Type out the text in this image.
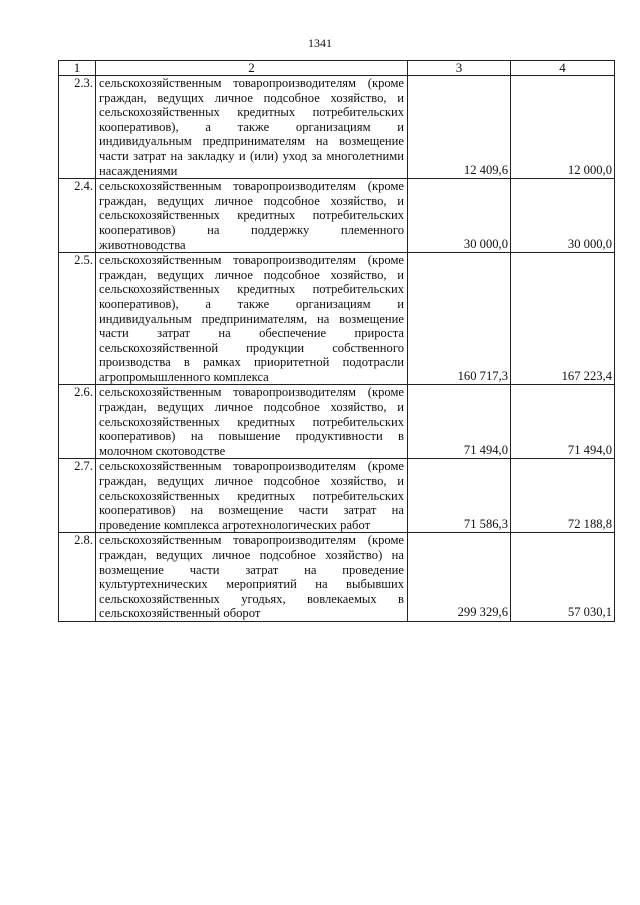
1341
1	2	3	4
2.3.	сельскохозяйственным товаропроизводителям (кроме граждан, ведущих личное подсобное хозяйство, и сельскохозяйственных кредитных потребительских кооперативов), а также организациям и индивидуальным предпринимателям на возмещение части затрат на закладку и (или) уход за многолетними насаждениями	12 409,6	12 000,0
2.4.	сельскохозяйственным товаропроизводителям (кроме граждан, ведущих личное подсобное хозяйство, и сельскохозяйственных кредитных потребительских кооперативов) на поддержку племенного животноводства	30 000,0	30 000,0
2.5.	сельскохозяйственным товаропроизводителям (кроме граждан, ведущих личное подсобное хозяйство, и сельскохозяйственных кредитных потребительских кооперативов), а также организациям и индивидуальным предпринимателям, на возмещение части затрат на обеспечение прироста сельскохозяйственной продукции собственного производства в рамках приоритетной подотрасли агропромышленного комплекса	160 717,3	167 223,4
2.6.	сельскохозяйственным товаропроизводителям (кроме граждан, ведущих личное подсобное хозяйство, и сельскохозяйственных кредитных потребительских кооперативов) на повышение продуктивности в молочном скотоводстве	71 494,0	71 494,0
2.7.	сельскохозяйственным товаропроизводителям (кроме граждан, ведущих личное подсобное хозяйство, и сельскохозяйственных кредитных потребительских кооперативов) на возмещение части затрат на проведение комплекса агротехнологических работ	71 586,3	72 188,8
2.8.	сельскохозяйственным товаропроизводителям (кроме граждан, ведущих личное подсобное хозяйство) на возмещение части затрат на проведение культуртехнических мероприятий на выбывших сельскохозяйственных угодьях, вовлекаемых в сельскохозяйственный оборот	299 329,6	57 030,1
